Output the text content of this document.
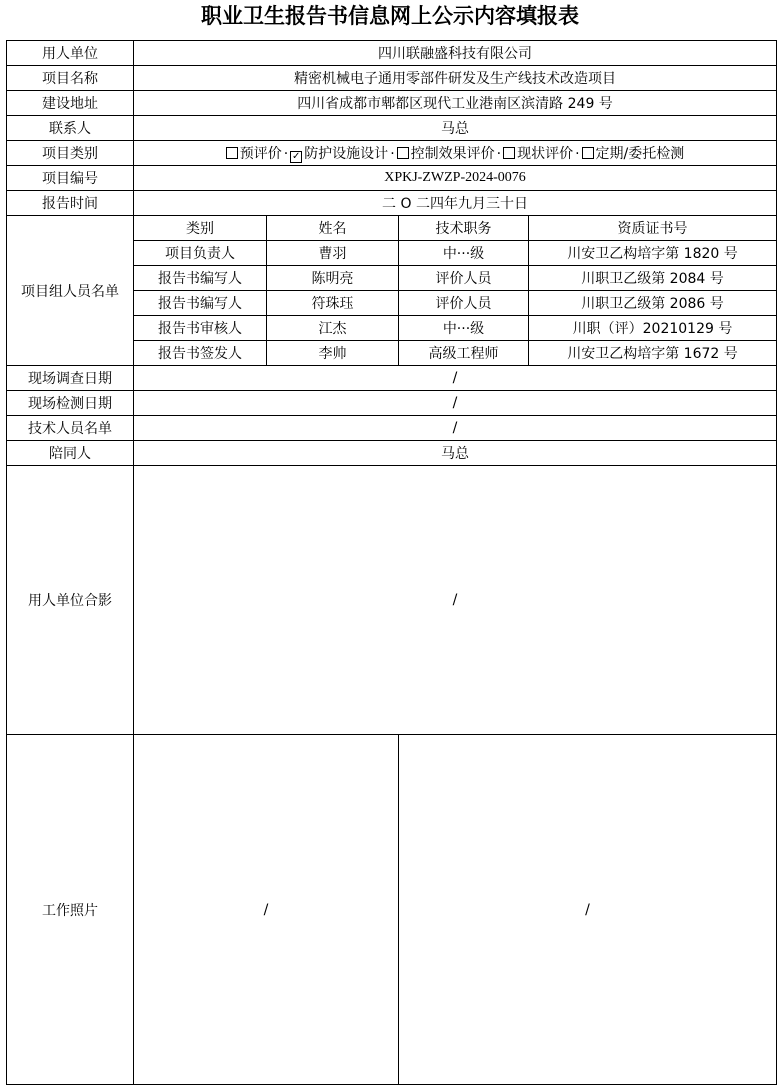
职业卫生报告书信息网上公示内容填报表
用人单位	四川联融盛科技有限公司			
项目名称	精密机械电子通用零部件研发及生产线技术改造项目			
建设地址	四川省成都市郫都区现代工业港南区滨清路 249 号			
联系人	马总			
项目类别	预评价 · ✓ 防护设施设计 · 控制效果评价 · 现状评价 · 定期/委托检测			
项目编号	XPKJ-ZWZP-2024-0076			
报告时间	二 O 二四年九月三十日			
项目组人员名单	类别	姓名	技术职务	资质证书号
	项目负责人	曹羽	中···级	川安卫乙构培字第 1820 号
	报告书编写人	陈明亮	评价人员	川职卫乙级第 2084 号
	报告书编写人	符珠珏	评价人员	川职卫乙级第 2086 号
	报告书审核人	江杰	中···级	川职（评）20210129 号
	报告书签发人	李帅	高级工程师	川安卫乙构培字第 1672 号
现场调查日期	/			
现场检测日期	/			
技术人员名单	/			
陪同人	马总			
用人单位合影	/			
工作照片	/		/	
